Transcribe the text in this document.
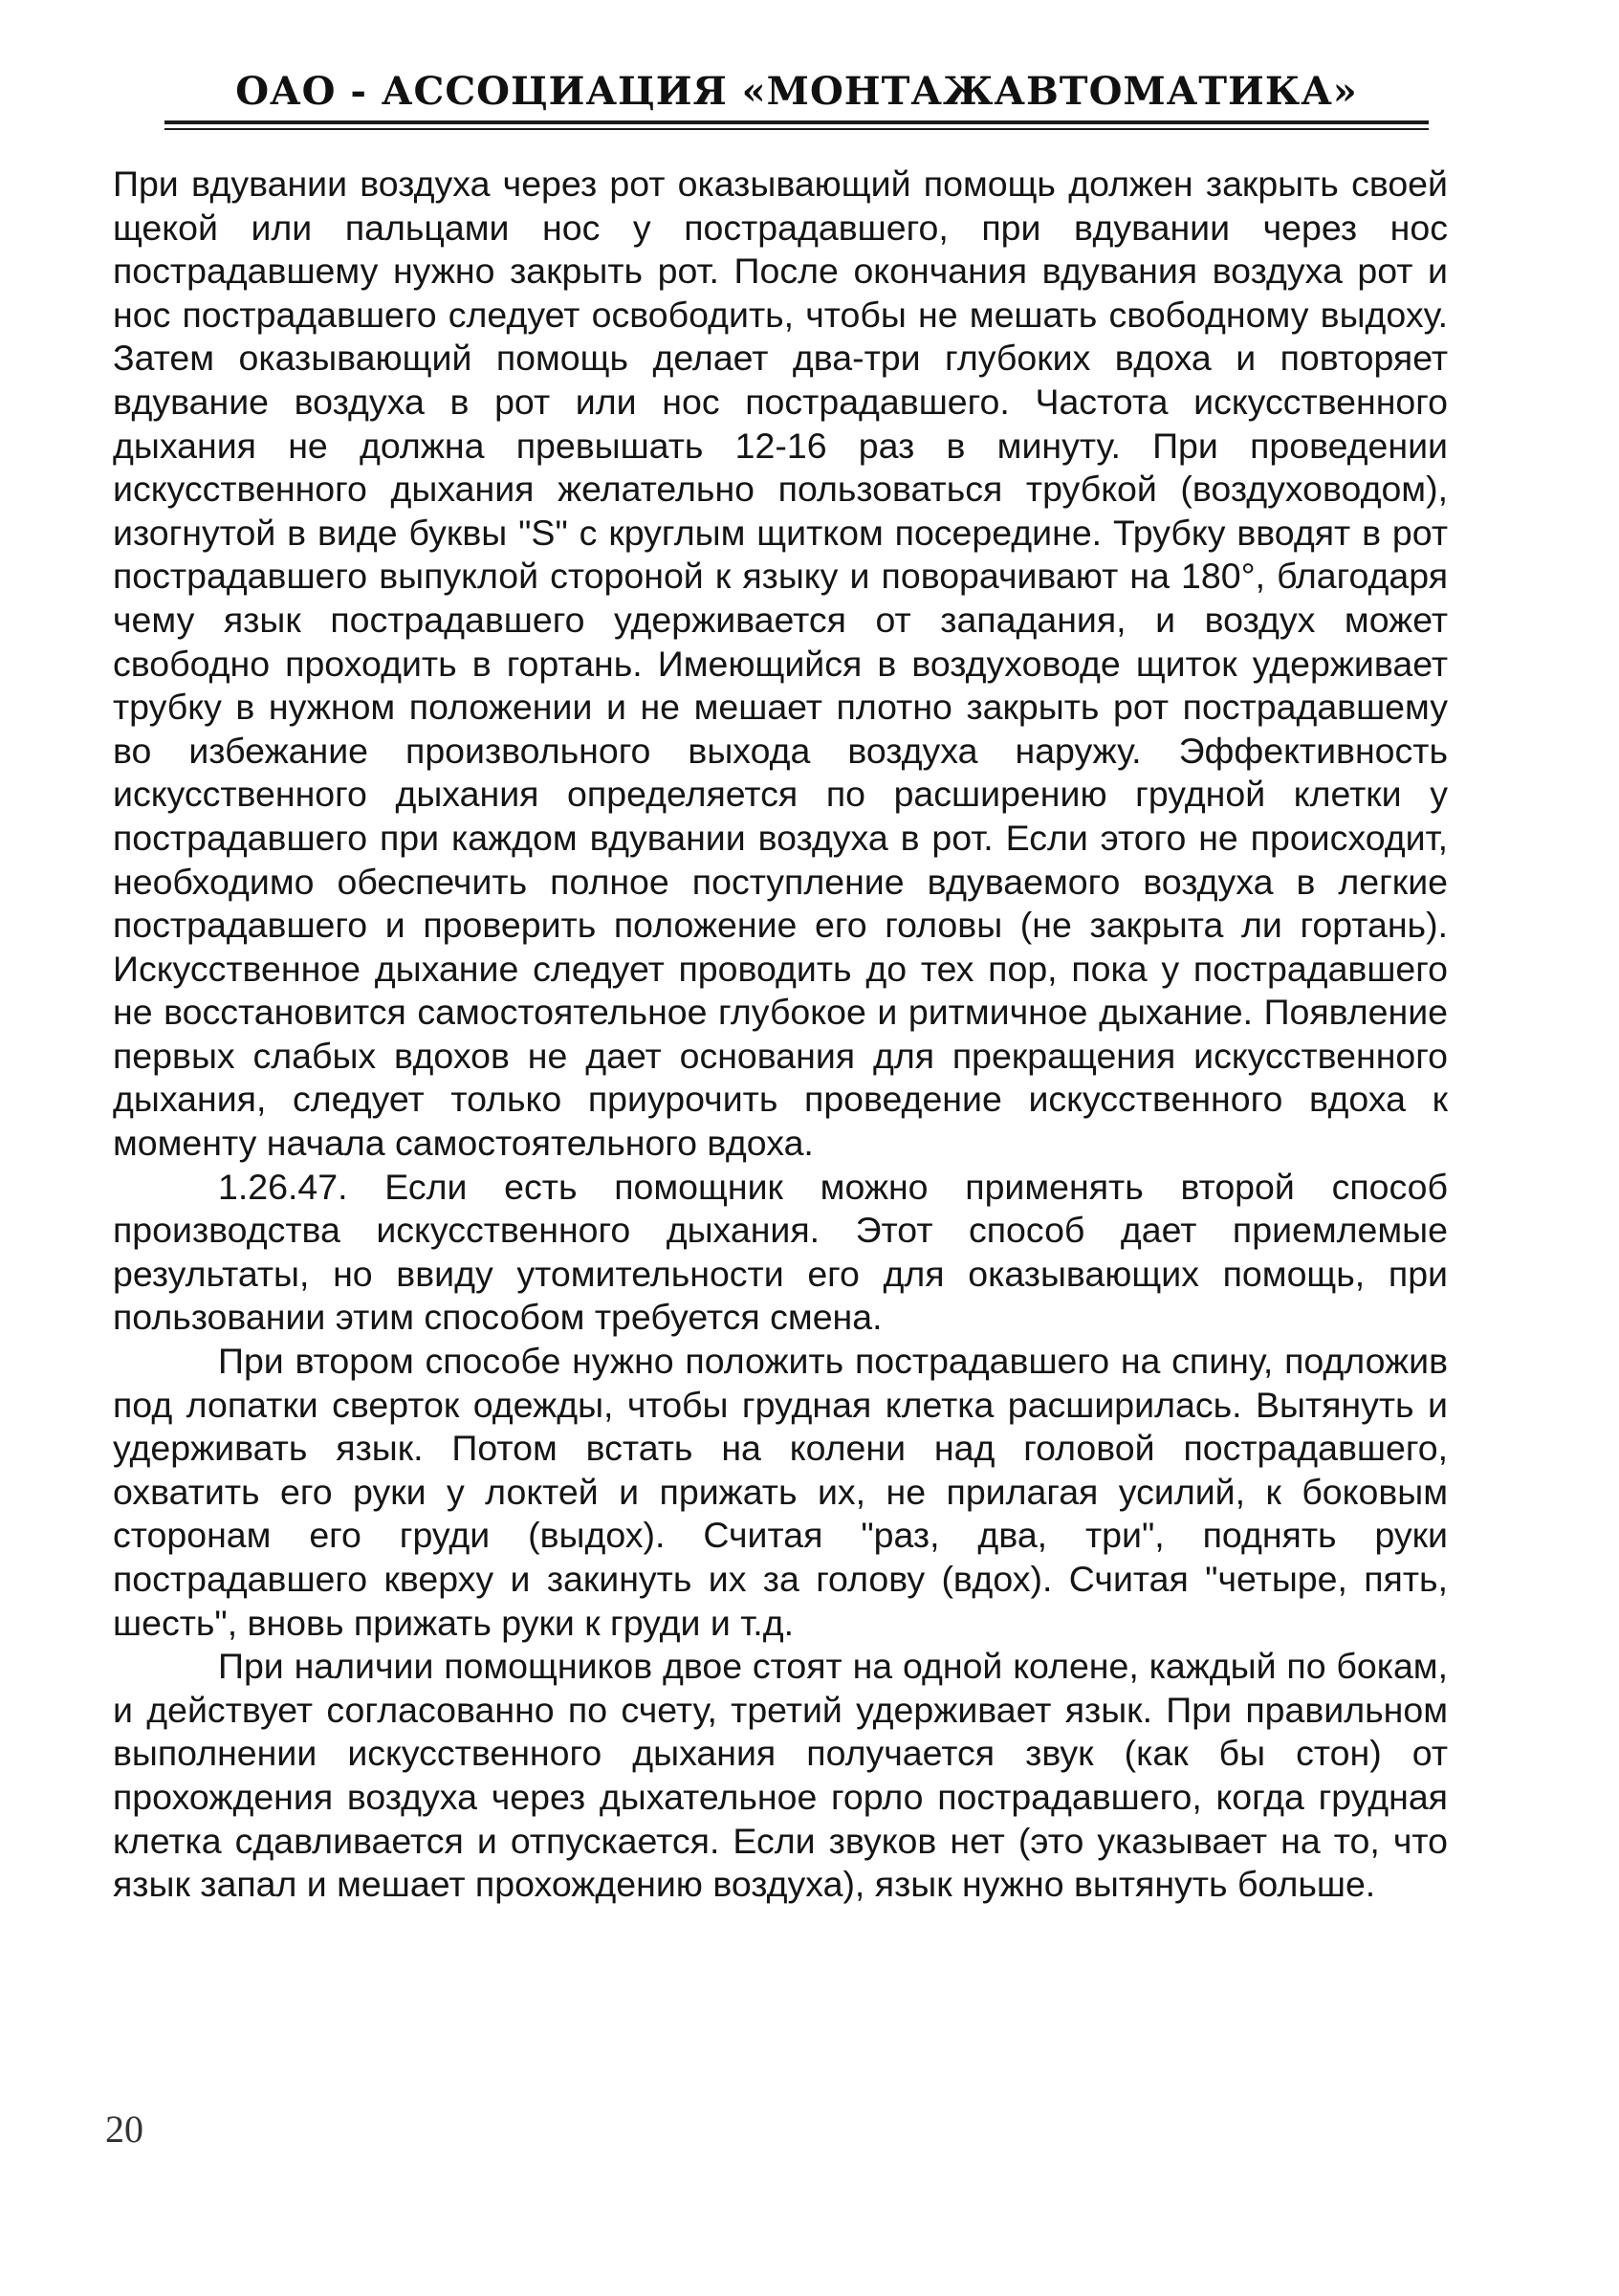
ОАО - АССОЦИАЦИЯ «МОНТАЖАВТОМАТИКА»

При вдувании воздуха через рот оказывающий помощь должен закрыть своей щекой или пальцами нос у пострадавшего, при вдувании через нос пострадавшему нужно закрыть рот. После окончания вдувания воздуха рот и нос пострадавшего следует освободить, чтобы не мешать свободному выдоху. Затем оказывающий помощь делает два-три глубоких вдоха и повторяет вдувание воздуха в рот или нос пострадавшего. Частота искусственного дыхания не должна превышать 12-16 раз в минуту. При проведении искусственного дыхания желательно пользоваться трубкой (воздуховодом), изогнутой в виде буквы "S" с круглым щитком посередине. Трубку вводят в рот пострадавшего выпуклой стороной к языку и поворачивают на 180°, благодаря чему язык пострадавшего удерживается от западания, и воздух может свободно проходить в гортань. Имеющийся в воздуховоде щиток удерживает трубку в нужном положении и не мешает плотно закрыть рот пострадавшему во избежание произвольного выхода воздуха наружу. Эффективность искусственного дыхания определяется по расширению грудной клетки у пострадавшего при каждом вдувании воздуха в рот. Если этого не происходит, необходимо обеспечить полное поступление вдуваемого воздуха в легкие пострадавшего и проверить положение его головы (не закрыта ли гортань). Искусственное дыхание следует проводить до тех пор, пока у пострадавшего не восстановится самостоятельное глубокое и ритмичное дыхание. Появление первых слабых вдохов не дает основания для прекращения искусственного дыхания, следует только приурочить проведение искусственного вдоха к моменту начала самостоятельного вдоха.

1.26.47. Если есть помощник можно применять второй способ производства искусственного дыхания. Этот способ дает приемлемые результаты, но ввиду утомительности его для оказывающих помощь, при пользовании этим способом требуется смена.

При втором способе нужно положить пострадавшего на спину, подложив под лопатки сверток одежды, чтобы грудная клетка расширилась. Вытянуть и удерживать язык. Потом встать на колени над головой пострадавшего, охватить его руки у локтей и прижать их, не прилагая усилий, к боковым сторонам его груди (выдох). Считая "раз, два, три", поднять руки пострадавшего кверху и закинуть их за голову (вдох). Считая "четыре, пять, шесть", вновь прижать руки к груди и т.д.

При наличии помощников двое стоят на одной колене, каждый по бокам, и действует согласованно по счету, третий удерживает язык. При правильном выполнении искусственного дыхания получается звук (как бы стон) от прохождения воздуха через дыхательное горло пострадавшего, когда грудная клетка сдавливается и отпускается. Если звуков нет (это указывает на то, что язык запал и мешает прохождению воздуха), язык нужно вытянуть больше.

20
